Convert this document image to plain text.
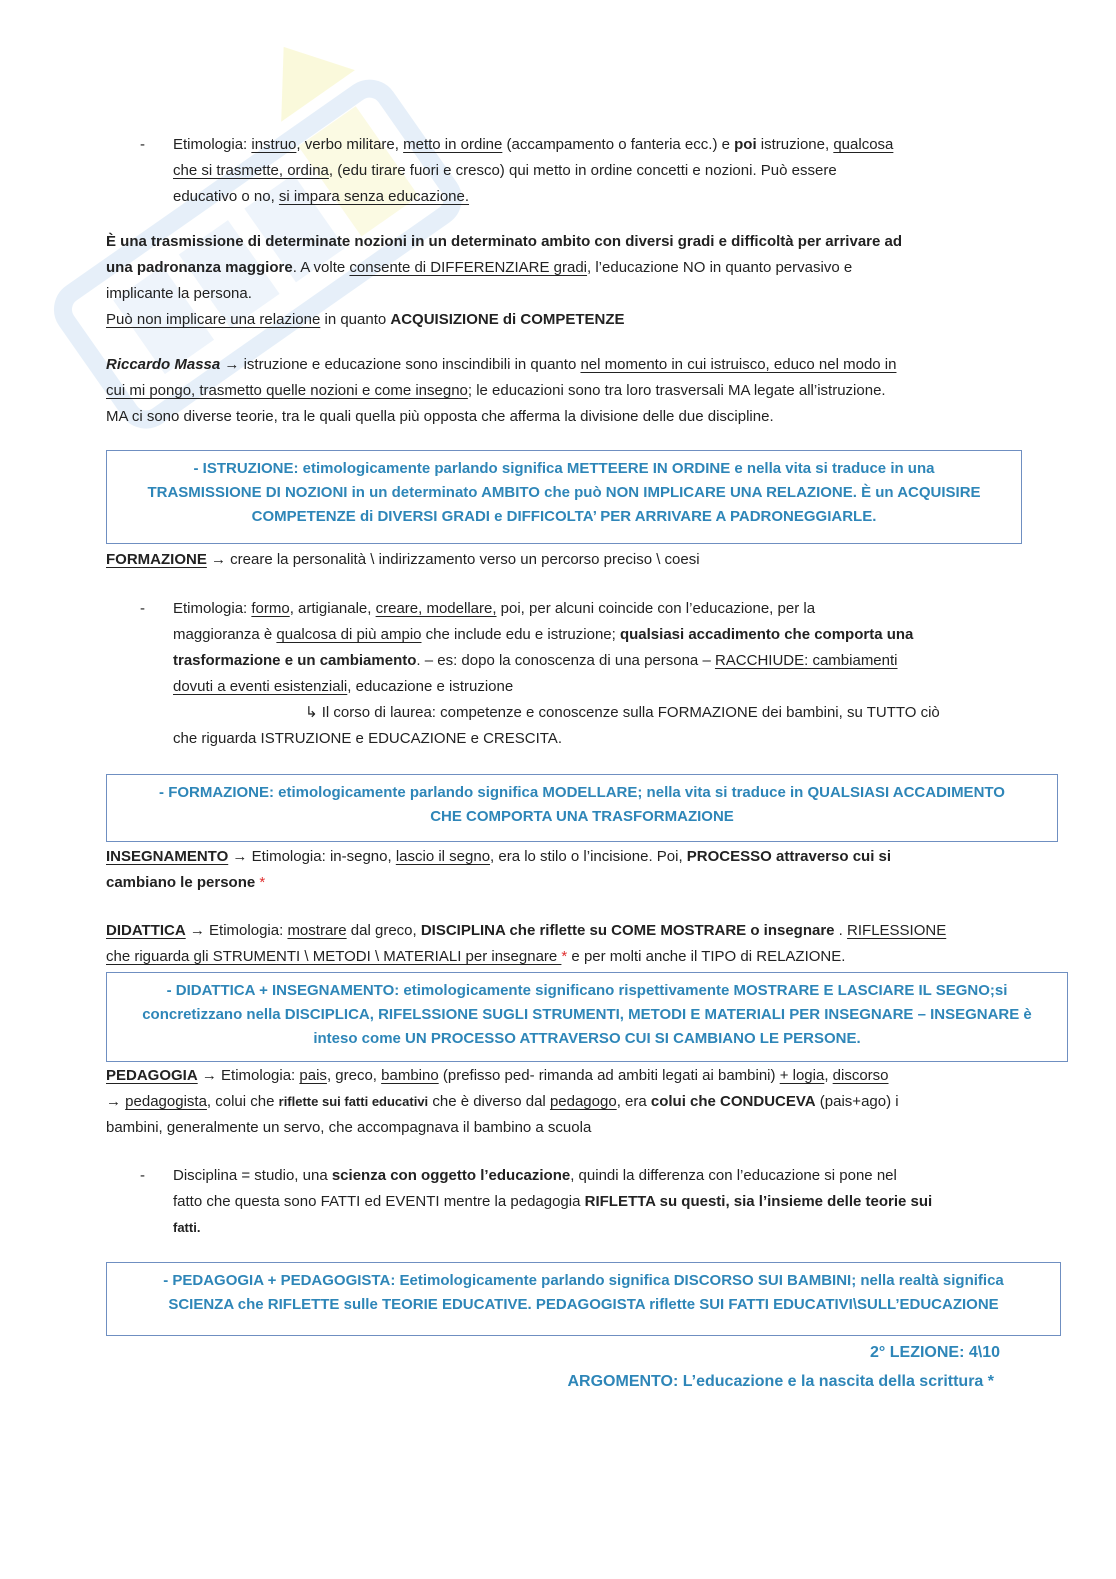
-	Etimologia: instruo, verbo militare, metto in ordine (accampamento o fanteria ecc.) e poi istruzione, qualcosa
che si trasmette, ordina, (edu tirare fuori e cresco) qui metto in ordine concetti e nozioni. Può essere
educativo o no, si impara senza educazione.
È una trasmissione di determinate nozioni in un determinato ambito con diversi gradi e difficoltà per arrivare ad
una padronanza maggiore. A volte consente di DIFFERENZIARE gradi, l’educazione NO in quanto pervasivo e
implicante la persona.
Può non implicare una relazione in quanto ACQUISIZIONE di COMPETENZE
Riccardo Massa → istruzione e educazione sono inscindibili in quanto nel momento in cui istruisco, educo nel modo in
cui mi pongo, trasmetto quelle nozioni e come insegno; le educazioni sono tra loro trasversali MA legate all’istruzione.
MA ci sono diverse teorie, tra le quali quella più opposta che afferma la divisione delle due discipline.
- ISTRUZIONE: etimologicamente parlando significa METTEERE IN ORDINE e nella vita si traduce in una
TRASMISSIONE DI NOZIONI in un determinato AMBITO che può NON IMPLICARE UNA RELAZIONE. È un ACQUISIRE
COMPETENZE di DIVERSI GRADI e DIFFICOLTA’ PER ARRIVARE A PADRONEGGIARLE.
FORMAZIONE → creare la personalità \ indirizzamento verso un percorso preciso \ coesi
-	Etimologia: formo, artigianale, creare, modellare, poi, per alcuni coincide con l’educazione, per la
maggioranza è qualcosa di più ampio che include edu e istruzione; qualsiasi accadimento che comporta una
trasformazione e un cambiamento. – es: dopo la conoscenza di una persona – RACCHIUDE: cambiamenti
dovuti a eventi esistenziali, educazione e istruzione
↳ Il corso di laurea: competenze e conoscenze sulla FORMAZIONE dei bambini, su TUTTO ciò
che riguarda ISTRUZIONE e EDUCAZIONE e CRESCITA.
- FORMAZIONE: etimologicamente parlando significa MODELLARE; nella vita si traduce in QUALSIASI ACCADIMENTO
CHE COMPORTA UNA TRASFORMAZIONE
INSEGNAMENTO → Etimologia: in-segno, lascio il segno, era lo stilo o l’incisione. Poi, PROCESSO attraverso cui si
cambiano le persone *
DIDATTICA → Etimologia: mostrare dal greco, DISCIPLINA che riflette su COME MOSTRARE o insegnare . RIFLESSIONE
che riguarda gli STRUMENTI \ METODI \ MATERIALI per insegnare * e per molti anche il TIPO di RELAZIONE.
- DIDATTICA + INSEGNAMENTO: etimologicamente significano rispettivamente MOSTRARE E LASCIARE IL SEGNO;si
concretizzano nella DISCIPLICA, RIFELSSIONE SUGLI STRUMENTI, METODI E MATERIALI PER INSEGNARE – INSEGNARE è
inteso come UN PROCESSO ATTRAVERSO CUI SI CAMBIANO LE PERSONE.
PEDAGOGIA → Etimologia: pais, greco, bambino (prefisso ped- rimanda ad ambiti legati ai bambini) + logia, discorso
→ pedagogista, colui che riflette sui fatti educativi che è diverso dal pedagogo, era colui che CONDUCEVA (pais+ago) i
bambini, generalmente un servo, che accompagnava il bambino a scuola
-	Disciplina = studio, una scienza con oggetto l’educazione, quindi la differenza con l’educazione si pone nel
fatto che questa sono FATTI ed EVENTI mentre la pedagogia RIFLETTA su questi, sia l’insieme delle teorie sui
fatti.
- PEDAGOGIA + PEDAGOGISTA: Eetimologicamente parlando significa DISCORSO SUI BAMBINI; nella realtà significa
SCIENZA che RIFLETTE sulle TEORIE EDUCATIVE. PEDAGOGISTA riflette SUI FATTI EDUCATIVI\SULL’EDUCAZIONE
2° LEZIONE: 4\10
ARGOMENTO: L’educazione e la nascita della scrittura *
